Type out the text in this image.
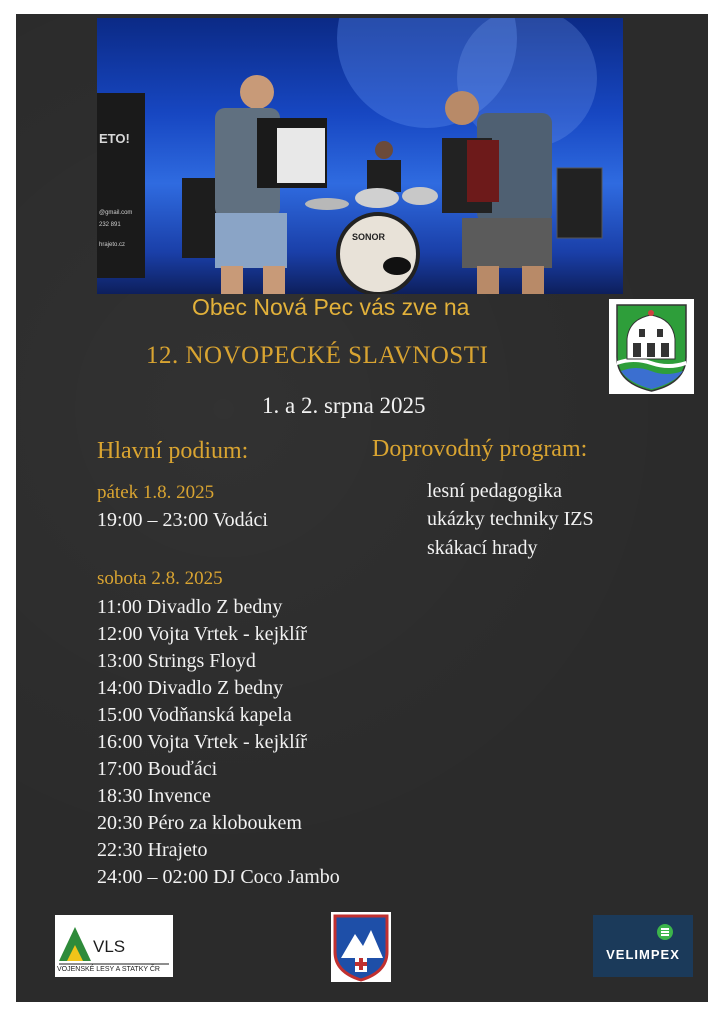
ETO!
@gmail.com
232 891
hrajeto.cz
SONOR
Obec Nová Pec vás zve na
12. NOVOPECKÉ SLAVNOSTI
1. a 2. srpna 2025
Hlavní podium:
pátek 1.8. 2025
19:00 – 23:00 Vodáci
sobota 2.8. 2025
11:00 Divadlo Z bedny
12:00 Vojta Vrtek - kejklíř
13:00 Strings Floyd
14:00 Divadlo Z bedny
15:00 Vodňanská kapela
16:00 Vojta Vrtek - kejklíř
17:00 Bouďáci
18:30 Invence
20:30 Péro za kloboukem
22:30 Hrajeto
24:00 – 02:00 DJ Coco Jambo
Doprovodný program:
lesní pedagogika
ukázky techniky IZS
skákací hrady
VLS
VOJENSKÉ LESY A STATKY ČR
VELIMPEX
